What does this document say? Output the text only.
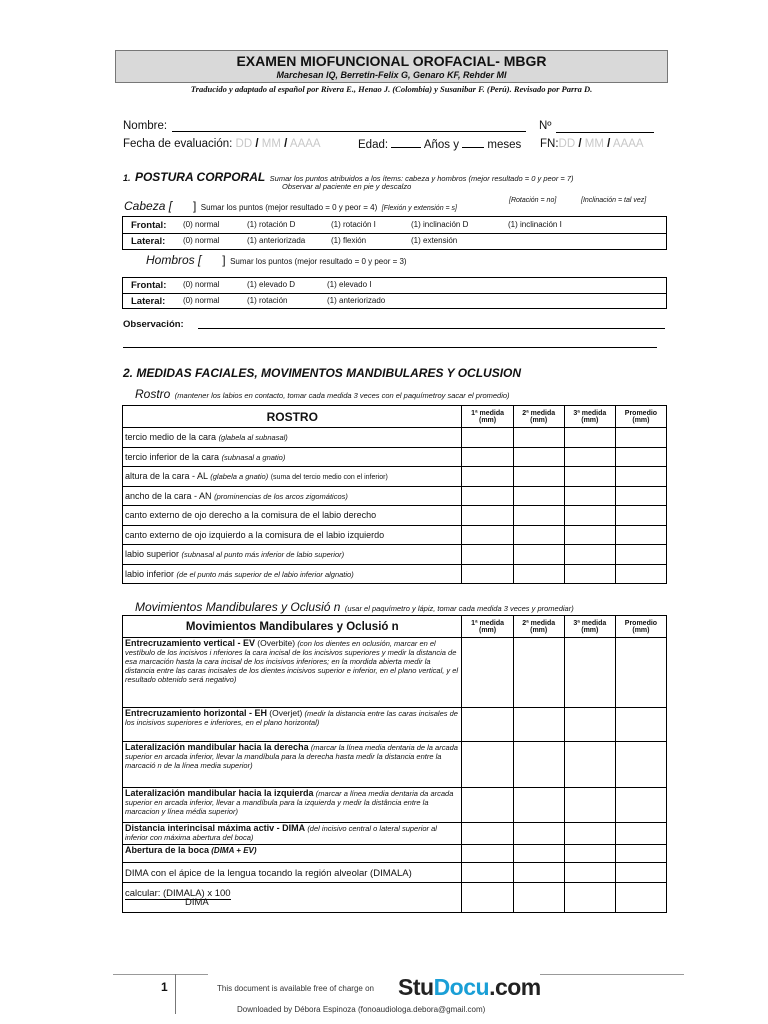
EXAMEN MIOFUNCIONAL OROFACIAL- MBGR
Marchesan IQ, Berretin-Felix G, Genaro KF, Rehder MI
Traducido y adaptado al español por Rivera E., Henao J. (Colombia) y Susanibar F. (Perú). Revisado por Parra D.
Nombre:	Nº
Fecha de evaluación: DD / MM / AAAA	Edad:	Años y meses FN:DD / MM / AAAA
1. POSTURA CORPORAL Sumar los puntos atribuidos a los ítems: cabeza y hombros (mejor resultado = 0 y peor = 7)
Observar al paciente en pie y descalzo
Cabeza [ ] Sumar los puntos (mejor resultado = 0 y peor = 4) [Flexión y extensión = s]
[Rotación = no]	[Inclinación = tal vez]
Frontal: (0) normal	(1) rotación D	(1) rotación I	(1) inclinación D	(1) inclinación I
Lateral: (0) normal	(1) anteriorizada	(1) flexión	(1) extensión
Hombros [ ] Sumar los puntos (mejor resultado = 0 y peor = 3)
Frontal: (0) normal	(1) elevado D	(1) elevado I
Lateral: (0) normal	(1) rotación	(1) anteriorizado
Observación:
2. MEDIDAS FACIALES, MOVIMENTOS MANDIBULARES Y OCLUSION
Rostro (mantener los labios en contacto, tomar cada medida 3 veces con el paquímetroy sacar el promedio)
ROSTRO	1ª medida (mm)	2ª medida (mm)	3ª medida (mm)	Promedio (mm)
tercio medio de la cara (glabela al subnasal)				
tercio inferior de la cara (subnasal a gnatio)				
altura de la cara - AL (glabela a gnatio) (suma del tercio medio con el inferior)				
ancho de la cara - AN (prominencias de los arcos zigomáticos)				
canto externo de ojo derecho a la comisura de el labio derecho				
canto externo de ojo izquierdo a la comisura de el labio izquierdo				
labio superior (subnasal al punto más inferior de labio superior)				
labio inferior (de el punto más superior de el labio inferior algnatio)				
Movimientos Mandibulares y Oclusió n (usar el paquímetro y lápiz, tomar cada medida 3 veces y promediar)
Movimientos Mandibulares y Oclusió n	1ª medida (mm)	2ª medida (mm)	3ª medida (mm)	Promedio (mm)
Entrecruzamiento vertical - EV (Overbite) (con los dientes en oclusión, marcar en el vestíbulo de los incisivos i nferiores la cara incisal de los incisivos superiores y medir la distancia de esa marcación hasta la cara incisal de los incisivos inferiores; en la mordida abierta medir la distancia entre las caras incisales de los dientes incisivos superior e inferior, en el plano vertical, y el resultado obtenido será negativo)				
Entrecruzamiento horizontal - EH (Overjet) (medir la distancia entre las caras incisales de los incisivos superiores e inferiores, en el plano horizontal)				
Lateralización mandibular hacia la derecha (marcar la línea media dentaria de la arcada superior en arcada inferior, llevar la mandíbula para la derecha hasta medir la distancia entre la marcació n de la línea media superior)				
Lateralización mandibular hacia la izquierda (marcar a línea media dentaria da arcada superior en arcada inferior, llevar a mandíbula para la izquierda y medir la distância entre la marcacion y línea média superior)				
Distancia interincisal máxima activ - DIMA (del incisivo central o lateral superior al inferior con máxima abertura del boca)				
Abertura de la boca (DIMA + EV)				
DIMA con el ápice de la lengua tocando la región alveolar (DIMALA)				
calcular: (DIMALA) x 100
DIMA				

1	This document is available free of charge on StuDocu.com
Downloaded by Débora Espinoza (fonoaudiologa.debora@gmail.com)
